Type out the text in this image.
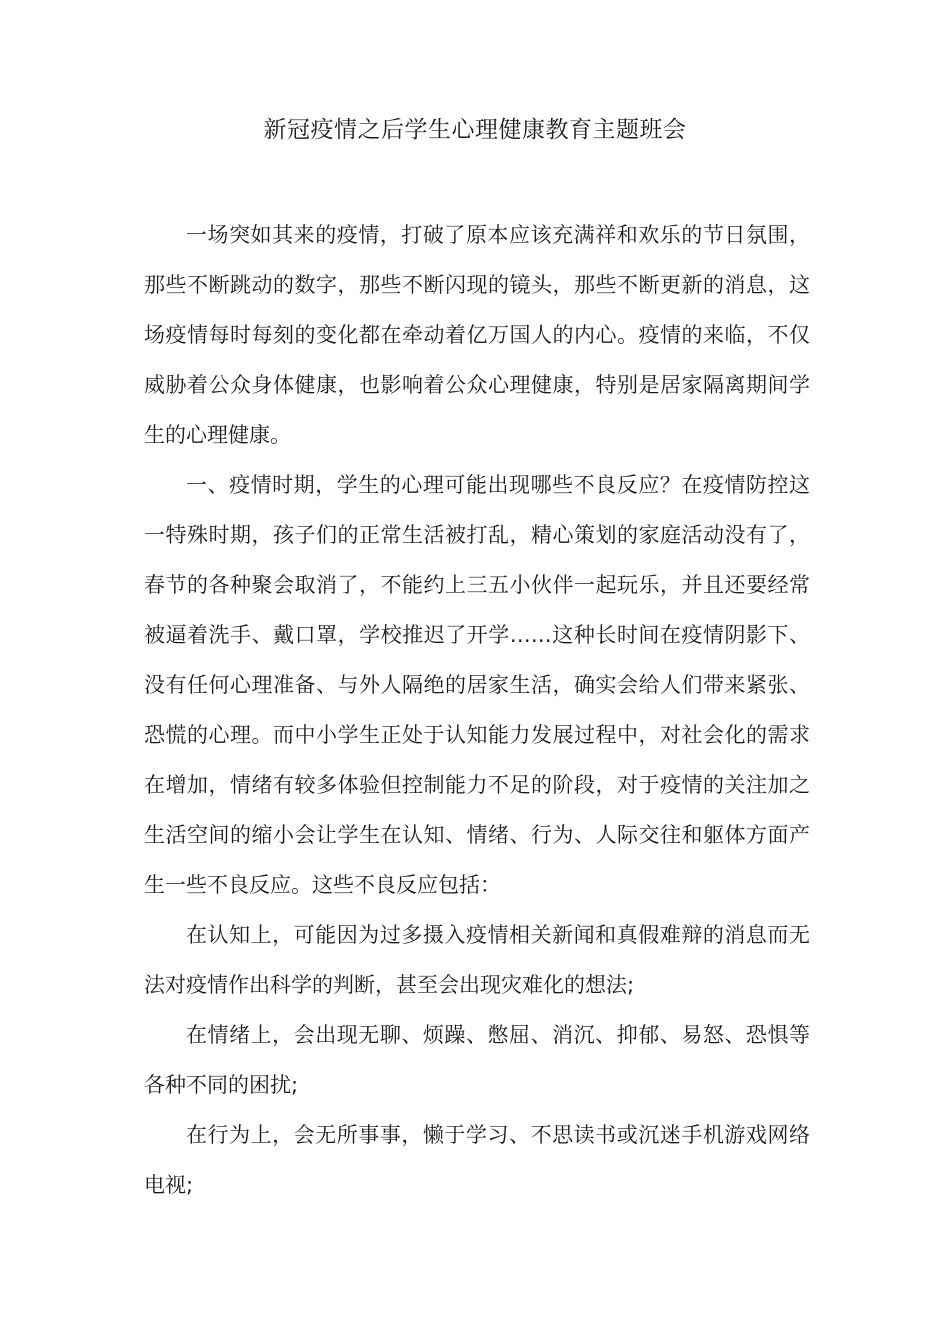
新冠疫情之后学生心理健康教育主题班会

一场突如其来的疫情，打破了原本应该充满祥和欢乐的节日氛围，那些不断跳动的数字，那些不断闪现的镜头，那些不断更新的消息，这场疫情每时每刻的变化都在牵动着亿万国人的内心。疫情的来临，不仅威胁着公众身体健康，也影响着公众心理健康，特别是居家隔离期间学生的心理健康。

一、疫情时期，学生的心理可能出现哪些不良反应？在疫情防控这一特殊时期，孩子们的正常生活被打乱，精心策划的家庭活动没有了，春节的各种聚会取消了，不能约上三五小伙伴一起玩乐，并且还要经常被逼着洗手、戴口罩，学校推迟了开学……这种长时间在疫情阴影下、没有任何心理准备、与外人隔绝的居家生活，确实会给人们带来紧张、恐慌的心理。而中小学生正处于认知能力发展过程中，对社会化的需求在增加，情绪有较多体验但控制能力不足的阶段，对于疫情的关注加之生活空间的缩小会让学生在认知、情绪、行为、人际交往和躯体方面产生一些不良反应。这些不良反应包括：

在认知上，可能因为过多摄入疫情相关新闻和真假难辩的消息而无法对疫情作出科学的判断，甚至会出现灾难化的想法;

在情绪上，会出现无聊、烦躁、憋屈、消沉、抑郁、易怒、恐惧等各种不同的困扰;

在行为上，会无所事事，懒于学习、不思读书或沉迷手机游戏网络电视;
